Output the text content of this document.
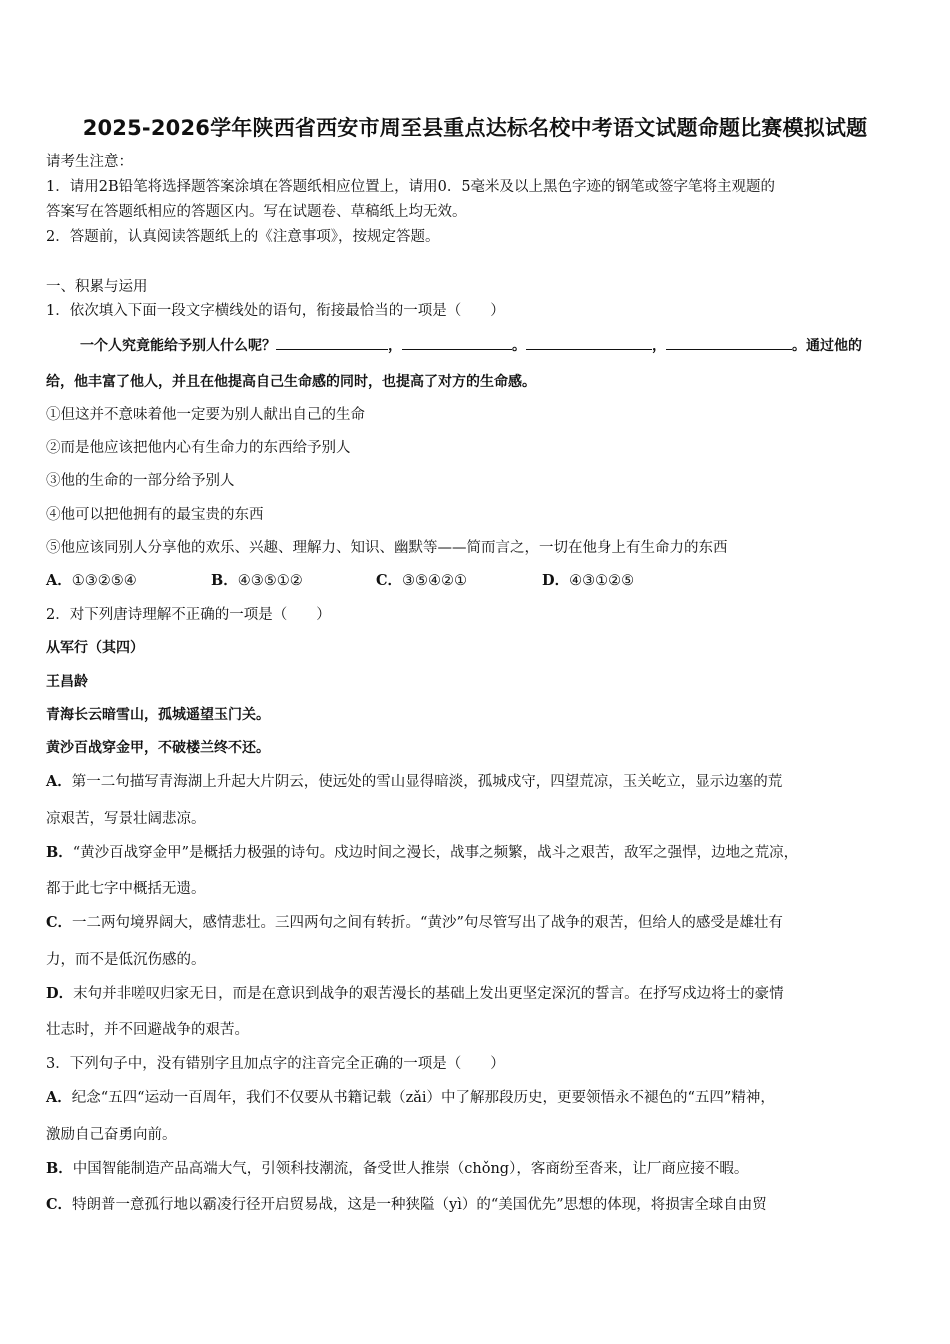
2025-2026学年陕西省西安市周至县重点达标名校中考语文试题命题比赛模拟试题
请考生注意：
1．请用2B铅笔将选择题答案涂填在答题纸相应位置上，请用0．5毫米及以上黑色字迹的钢笔或签字笔将主观题的
答案写在答题纸相应的答题区内。写在试题卷、草稿纸上均无效。
2．答题前，认真阅读答题纸上的《注意事项》，按规定答题。
一、积累与运用
1．依次填入下面一段文字横线处的语句，衔接最恰当的一项是（　　）
一个人究竟能给予别人什么呢？	，	。	，	。通过他的
给，他丰富了他人，并且在他提高自己生命感的同时，也提高了对方的生命感。
①但这并不意味着他一定要为别人献出自己的生命
②而是他应该把他内心有生命力的东西给予别人
③他的生命的一部分给予别人
④他可以把他拥有的最宝贵的东西
⑤他应该同别人分享他的欢乐、兴趣、理解力、知识、幽默等——简而言之，一切在他身上有生命力的东西
A．①③②⑤④	B．④③⑤①②	C．③⑤④②①	D．④③①②⑤
2．对下列唐诗理解不正确的一项是（　　）
从军行（其四）
王昌龄
青海长云暗雪山，孤城遥望玉门关。
黄沙百战穿金甲，不破楼兰终不还。
A．第一二句描写青海湖上升起大片阴云，使远处的雪山显得暗淡，孤城戍守，四望荒凉，玉关屹立，显示边塞的荒
凉艰苦，写景壮阔悲凉。
B．“黄沙百战穿金甲”是概括力极强的诗句。戍边时间之漫长，战事之频繁，战斗之艰苦，敌军之强悍，边地之荒凉，
都于此七字中概括无遗。
C．一二两句境界阔大，感情悲壮。三四两句之间有转折。“黄沙”句尽管写出了战争的艰苦，但给人的感受是雄壮有
力，而不是低沉伤感的。
D．末句并非嗟叹归家无日，而是在意识到战争的艰苦漫长的基础上发出更坚定深沉的誓言。在抒写戍边将士的豪情
壮志时，并不回避战争的艰苦。
3．下列句子中，没有错别字且加点字的注音完全正确的一项是（　　）
A．纪念“五四“运动一百周年，我们不仅要从书籍记载（zǎi）中了解那段历史，更要领悟永不褪色的“五四”精神，
激励自己奋勇向前。
B．中国智能制造产品高端大气，引领科技潮流，备受世人推崇（chǒng），客商纷至沓来，让厂商应接不暇。
C．特朗普一意孤行地以霸凌行径开启贸易战，这是一种狭隘（yì）的“美国优先”思想的体现，将损害全球自由贸
